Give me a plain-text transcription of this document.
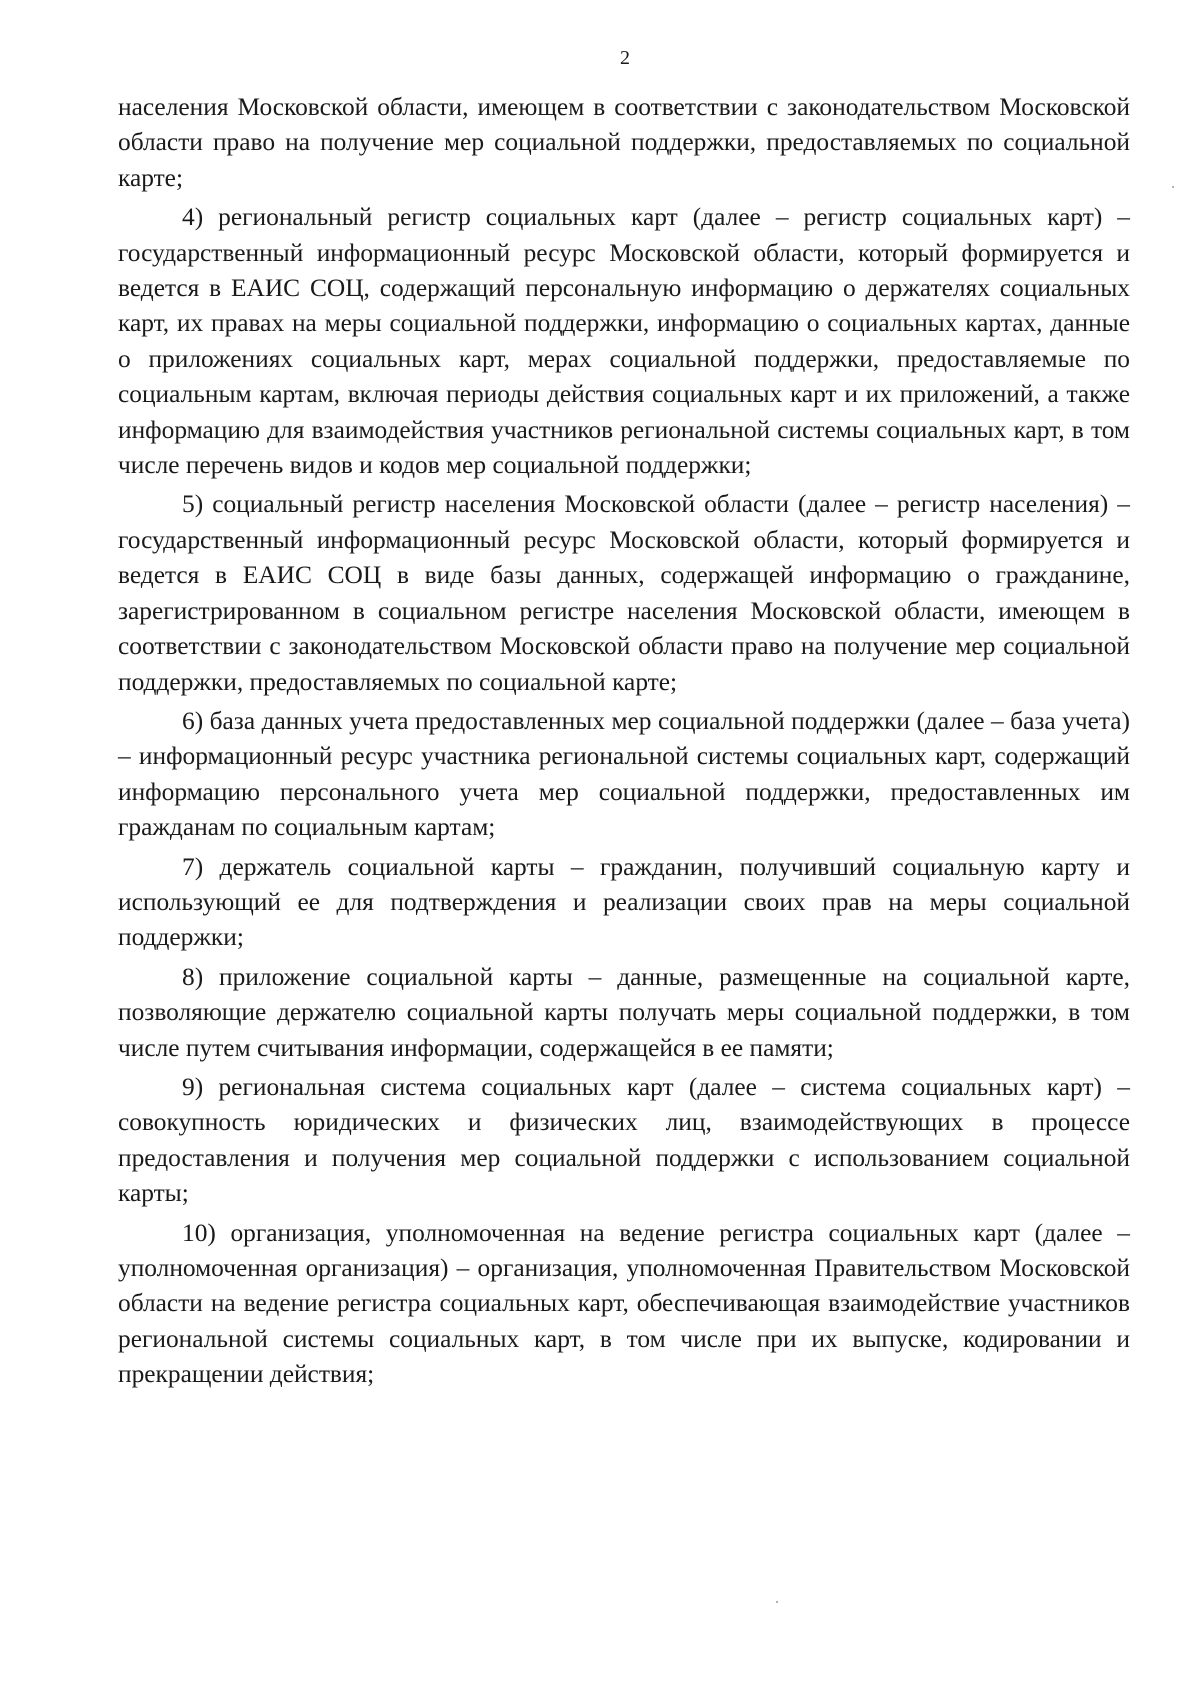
2

населения Московской области, имеющем в соответствии с законодательством Московской области право на получение мер социальной поддержки, предоставляемых по социальной карте;

4) региональный регистр социальных карт (далее – регистр социальных карт) – государственный информационный ресурс Московской области, который формируется и ведется в ЕАИС СОЦ, содержащий персональную информацию о держателях социальных карт, их правах на меры социальной поддержки, информацию о социальных картах, данные о приложениях социальных карт, мерах социальной поддержки, предоставляемые по социальным картам, включая периоды действия социальных карт и их приложений, а также информацию для взаимодействия участников региональной системы социальных карт, в том числе перечень видов и кодов мер социальной поддержки;

5) социальный регистр населения Московской области (далее – регистр населения) – государственный информационный ресурс Московской области, который формируется и ведется в ЕАИС СОЦ в виде базы данных, содержащей информацию о гражданине, зарегистрированном в социальном регистре населения Московской области, имеющем в соответствии с законодательством Московской области право на получение мер социальной поддержки, предоставляемых по социальной карте;

6) база данных учета предоставленных мер социальной поддержки (далее – база учета) – информационный ресурс участника региональной системы социальных карт, содержащий информацию персонального учета мер социальной поддержки, предоставленных им гражданам по социальным картам;

7) держатель социальной карты – гражданин, получивший социальную карту и использующий ее для подтверждения и реализации своих прав на меры социальной поддержки;

8) приложение социальной карты – данные, размещенные на социальной карте, позволяющие держателю социальной карты получать меры социальной поддержки, в том числе путем считывания информации, содержащейся в ее памяти;

9) региональная система социальных карт (далее – система социальных карт) – совокупность юридических и физических лиц, взаимодействующих в процессе предоставления и получения мер социальной поддержки с использованием социальной карты;

10) организация, уполномоченная на ведение регистра социальных карт (далее – уполномоченная организация) – организация, уполномоченная Правительством Московской области на ведение регистра социальных карт, обеспечивающая взаимодействие участников региональной системы социальных карт, в том числе при их выпуске, кодировании и прекращении действия;
